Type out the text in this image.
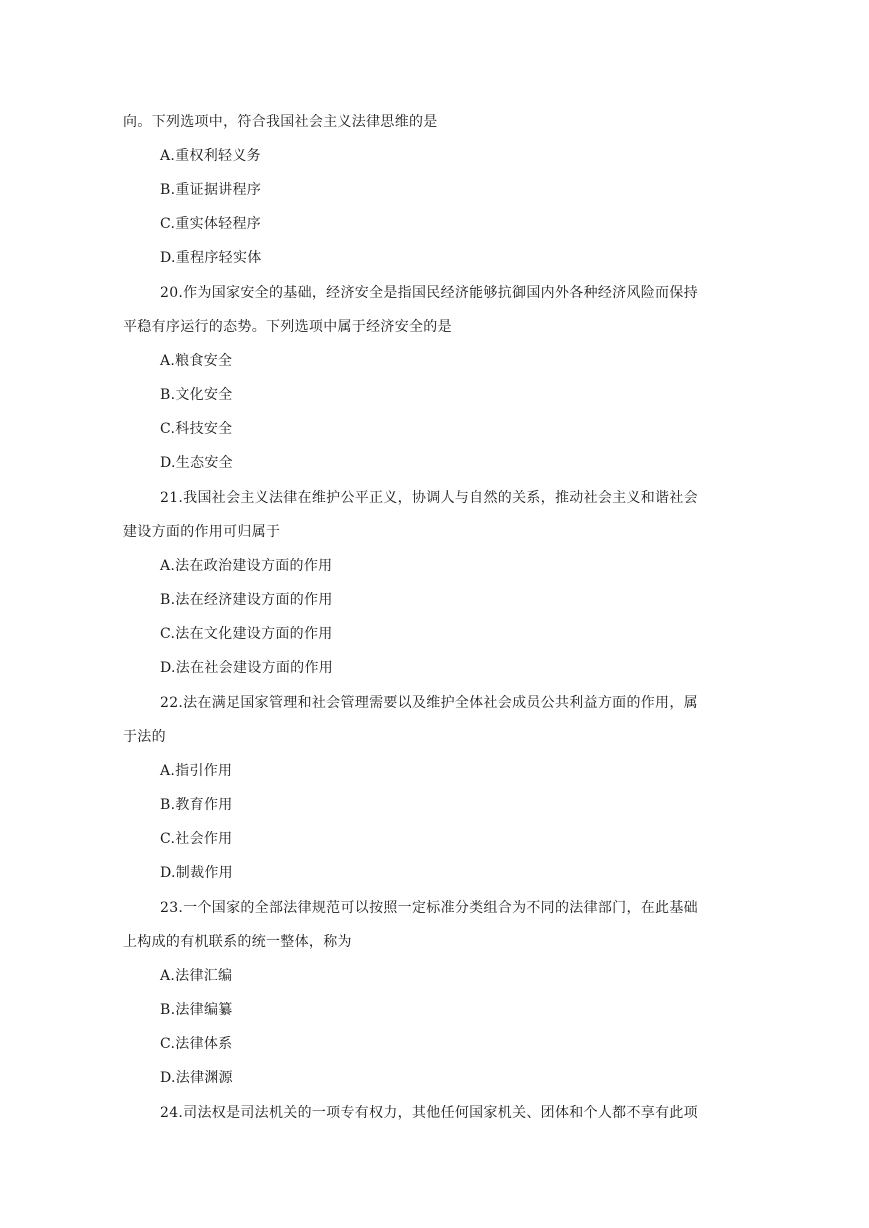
向。下列选项中，符合我国社会主义法律思维的是
A.重权利轻义务
B.重证据讲程序
C.重实体轻程序
D.重程序轻实体
20.作为国家安全的基础，经济安全是指国民经济能够抗御国内外各种经济风险而保持
平稳有序运行的态势。下列选项中属于经济安全的是
A.粮食安全
B.文化安全
C.科技安全
D.生态安全
21.我国社会主义法律在维护公平正义，协调人与自然的关系，推动社会主义和谐社会
建设方面的作用可归属于
A.法在政治建设方面的作用
B.法在经济建设方面的作用
C.法在文化建设方面的作用
D.法在社会建设方面的作用
22.法在满足国家管理和社会管理需要以及维护全体社会成员公共利益方面的作用，属
于法的
A.指引作用
B.教育作用
C.社会作用
D.制裁作用
23.一个国家的全部法律规范可以按照一定标准分类组合为不同的法律部门，在此基础
上构成的有机联系的统一整体，称为
A.法律汇编
B.法律编纂
C.法律体系
D.法律渊源
24.司法权是司法机关的一项专有权力，其他任何国家机关、团体和个人都不享有此项
